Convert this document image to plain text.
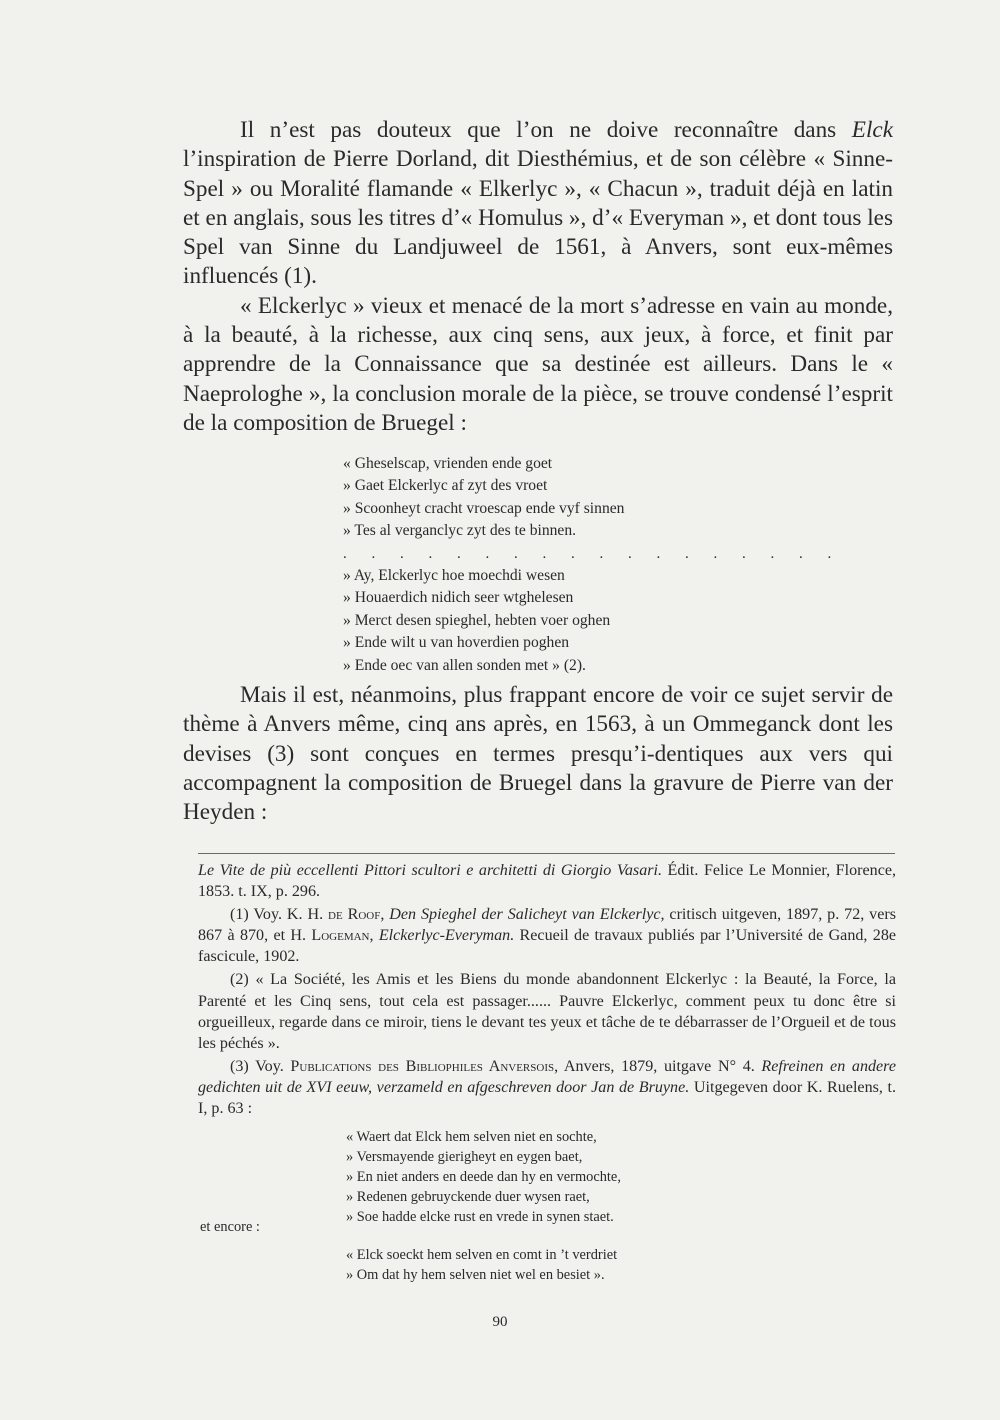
Il n’est pas douteux que l’on ne doive reconnaître dans Elck l’inspiration de Pierre Dorland, dit Diesthémius, et de son célèbre « Sinne-Spel » ou Moralité flamande « Elkerlyc », « Chacun », traduit déjà en latin et en anglais, sous les titres d’« Homulus », d’« Everyman », et dont tous les Spel van Sinne du Landjuweel de 1561, à Anvers, sont eux-mêmes influencés (1).

« Elckerlyc » vieux et menacé de la mort s’adresse en vain au monde, à la beauté, à la richesse, aux cinq sens, aux jeux, à force, et finit par apprendre de la Connaissance que sa destinée est ailleurs. Dans le « Naeprologhe », la conclusion morale de la pièce, se trouve condensé l’esprit de la composition de Bruegel :

« Gheselscap, vrienden ende goet
» Gaet Elckerlyc af zyt des vroet
» Scoonheyt cracht vroescap ende vyf sinnen
» Tes al verganclyc zyt des te binnen.
. . . . . . . . . . . . . . . . . .
» Ay, Elckerlyc hoe moechdi wesen
» Houaerdich nidich seer wtghelesen
» Merct desen spieghel, hebten voer oghen
» Ende wilt u van hoverdien poghen
» Ende oec van allen sonden met » (2).

Mais il est, néanmoins, plus frappant encore de voir ce sujet servir de thème à Anvers même, cinq ans après, en 1563, à un Ommeganck dont les devises (3) sont conçues en termes presqu’i-dentiques aux vers qui accompagnent la composition de Bruegel dans la gravure de Pierre van der Heyden :

Le Vite de più eccellenti Pittori scultori e architetti di Giorgio Vasari. Édit. Felice Le Monnier, Florence, 1853. t. IX, p. 296.

(1) Voy. K. H. de Roof, Den Spieghel der Salicheyt van Elckerlyc, critisch uitgeven, 1897, p. 72, vers 867 à 870, et H. Logeman, Elckerlyc-Everyman. Recueil de travaux publiés par l’Université de Gand, 28e fascicule, 1902.

(2) « La Société, les Amis et les Biens du monde abandonnent Elckerlyc : la Beauté, la Force, la Parenté et les Cinq sens, tout cela est passager...... Pauvre Elckerlyc, comment peux tu donc être si orgueilleux, regarde dans ce miroir, tiens le devant tes yeux et tâche de te débarrasser de l’Orgueil et de tous les péchés ».

(3) Voy. Publications des Bibliophiles Anversois, Anvers, 1879, uitgave N° 4. Refreinen en andere gedichten uit de XVI eeuw, verzameld en afgeschreven door Jan de Bruyne. Uitgegeven door K. Ruelens, t. I, p. 63 :

« Waert dat Elck hem selven niet en sochte,
» Versmayende gierigheyt en eygen baet,
» En niet anders en deede dan hy en vermochte,
» Redenen gebruyckende duer wysen raet,
» Soe hadde elcke rust en vrede in synen staet.
et encore :
« Elck soeckt hem selven en comt in ’t verdriet
» Om dat hy hem selven niet wel en besiet ».
90
